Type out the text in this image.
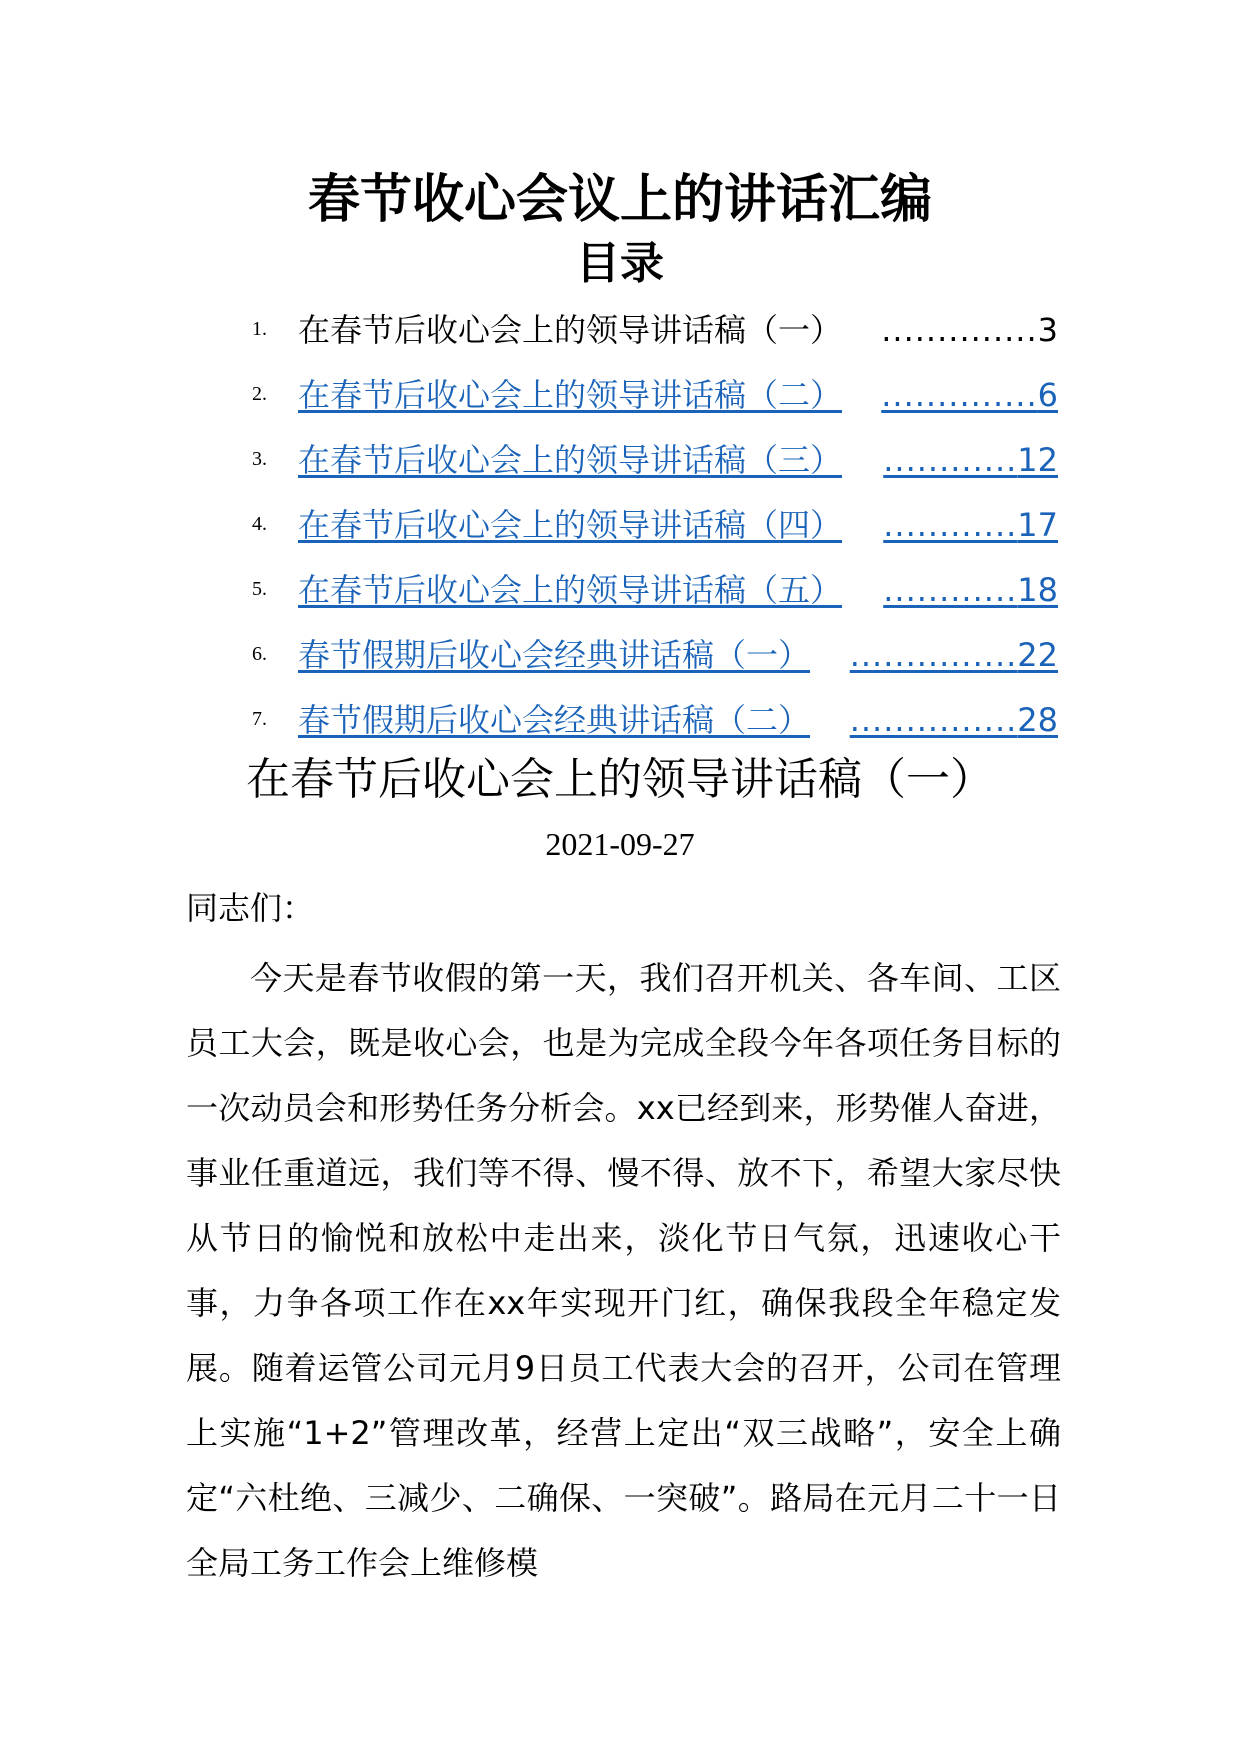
春节收心会议上的讲话汇编
目录
1. 在春节后收心会上的领导讲话稿（一）	.............. 3
2. 在春节后收心会上的领导讲话稿（二）	.............. 6
3. 在春节后收心会上的领导讲话稿（三）	............ 12
4. 在春节后收心会上的领导讲话稿（四）	............ 17
5. 在春节后收心会上的领导讲话稿（五）	............ 18
6. 春节假期后收心会经典讲话稿（一）	............... 22
7. 春节假期后收心会经典讲话稿（二）	............... 28
在春节后收心会上的领导讲话稿（一）
2021-09-27
同志们：

今天是春节收假的第一天，我们召开机关、各车间、工区员工大会，既是收心会，也是为完成全段今年各项任务目标的一次动员会和形势任务分析会。xx已经到来，形势催人奋进，事业任重道远，我们等不得、慢不得、放不下，希望大家尽快从节日的愉悦和放松中走出来，淡化节日气氛，迅速收心干事，力争各项工作在xx年实现开门红，确保我段全年稳定发展。随着运管公司元月9日员工代表大会的召开，公司在管理上实施“1+2”管理改革，经营上定出“双三战略”，安全上确定“六杜绝、三减少、二确保、一突破”。路局在元月二十一日全局工务工作会上维修模
